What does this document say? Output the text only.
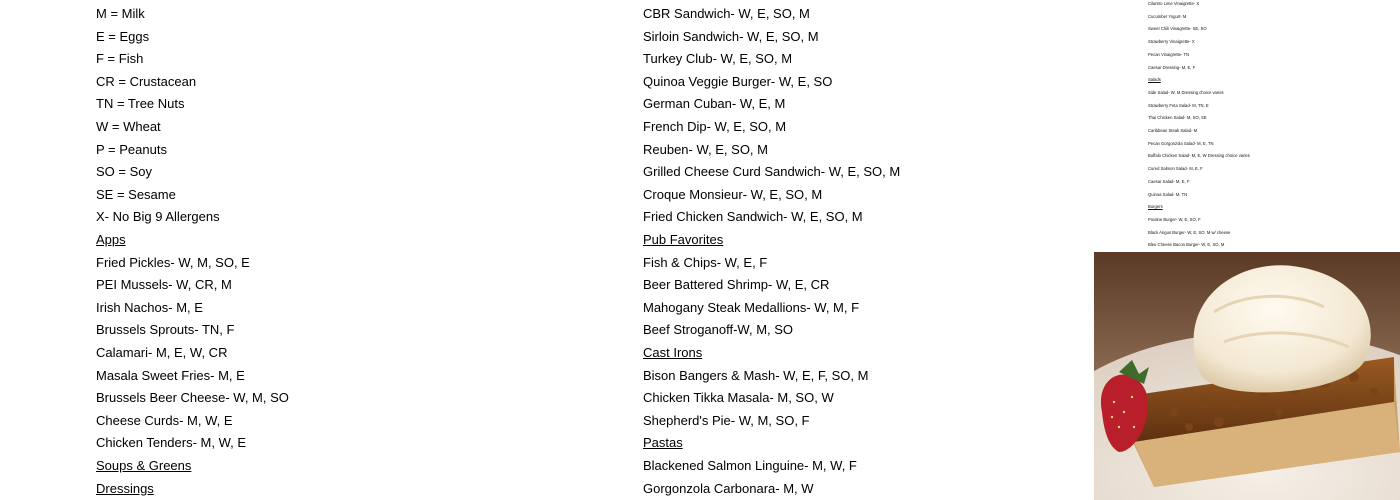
M = Milk
E = Eggs
F = Fish
CR = Crustacean
TN = Tree Nuts
W = Wheat
P = Peanuts
SO = Soy
SE = Sesame
X- No Big 9 Allergens
Apps
Fried Pickles- W, M, SO, E
PEI Mussels- W, CR, M
Irish Nachos- M, E
Brussels Sprouts- TN, F
Calamari- M, E, W, CR
Masala Sweet Fries- M, E
Brussels Beer Cheese- W, M, SO
Cheese Curds- M, W, E
Chicken Tenders- M, W, E
Soups & Greens
Dressings
CBR Sandwich- W, E, SO, M
Sirloin Sandwich- W, E, SO, M
Turkey Club- W, E, SO, M
Quinoa Veggie Burger- W, E, SO
German Cuban- W, E, M
French Dip- W, E, SO, M
Reuben- W, E, SO, M
Grilled Cheese Curd Sandwich- W, E, SO, M
Croque Monsieur- W, E, SO, M
Fried Chicken Sandwich- W, E, SO, M
Pub Favorites
Fish & Chips- W, E, F
Beer Battered Shrimp- W, E, CR
Mahogany Steak Medallions- W, M, F
Beef Stroganoff-W, M, SO
Cast Irons
Bison Bangers & Mash- W, E, F, SO, M
Chicken Tikka Masala- M, SO, W
Shepherd's Pie- W, M, SO, F
Pastas
Blackened Salmon Linguine- M, W, F
Gorgonzola Carbonara- M, W
Cilantro Lime Vinaigrette- X
Cucumber Yogurt- M
Sweet Chili Vinaigrette- SE, SO
Strawberry Vinaigrette- X
Pecan Vinaigrette- TN
Caesar Dressing- M, E, F
Salads
Side Salad- W, M Dressing choice varies
Strawberry Feta Salad- M, TN, E
Thai Chicken Salad- M, SO, SE
Caribbean Steak Salad- M
Pecan Gorgonzola Salad- M, E, TN
Buffalo Chicken Salad- M, E, W Dressing choice varies
Cured Salmon Salad- M, E, F
Caesar Salad- M, E, F
Quinoa Salad- M, TN
Burgers
Poutine Burger- W, E, SO, F
Black Angus Burger- W, E, SO, M w/ cheese
Bleu Cheese Bacon Burger- W, E, SO, M
